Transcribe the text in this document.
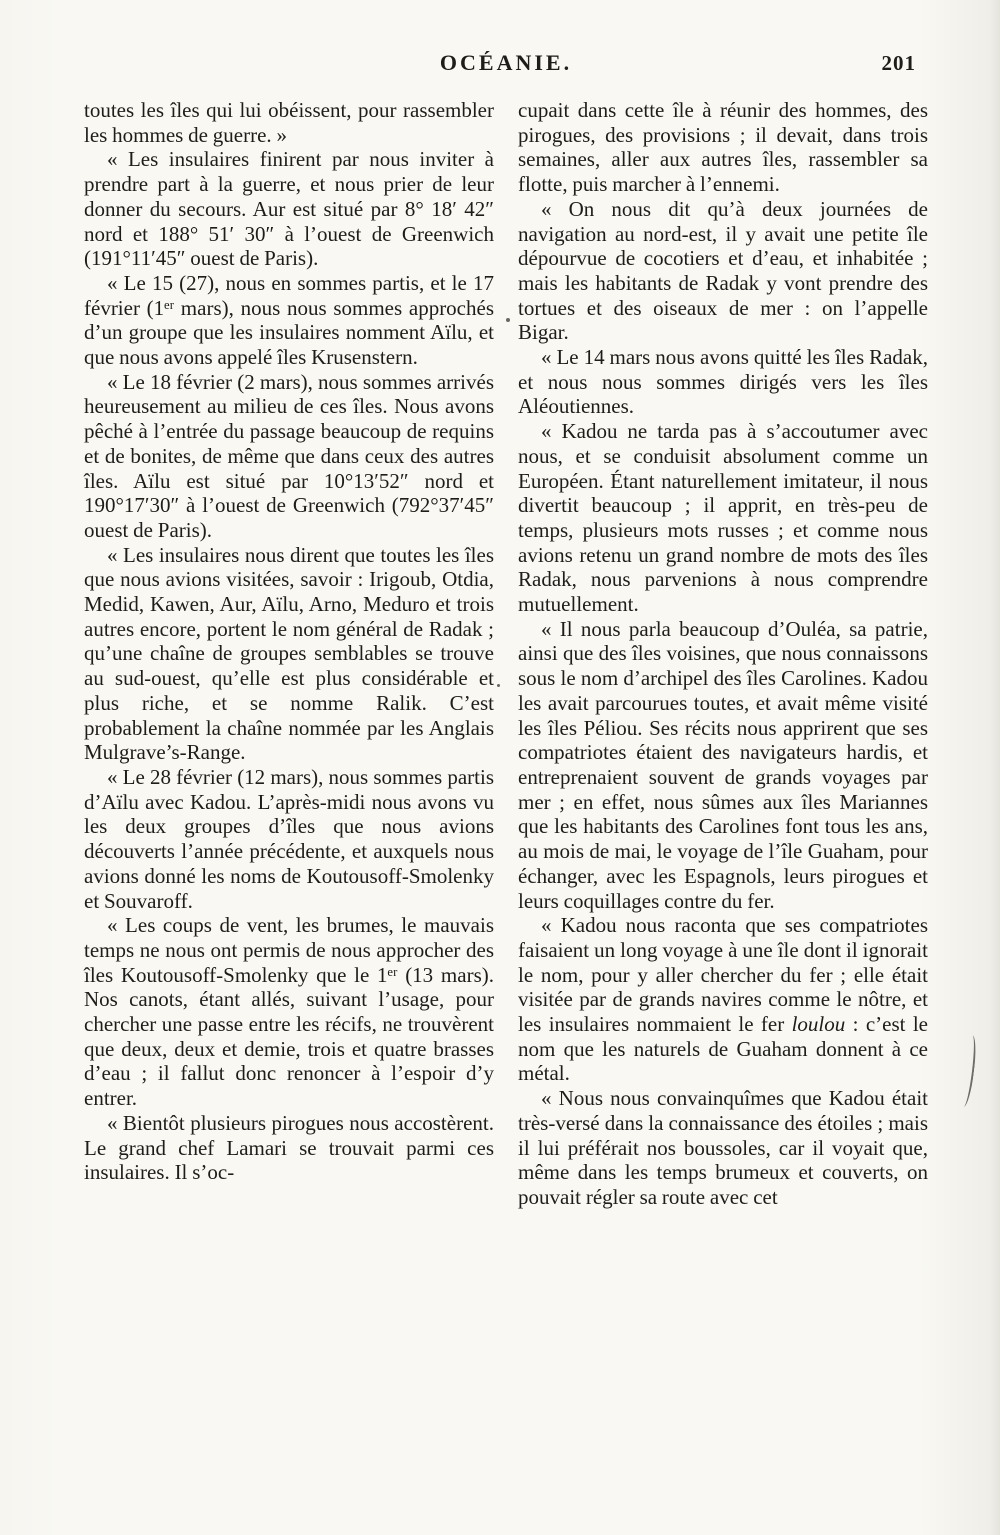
OCÉANIE.	201

toutes les îles qui lui obéissent, pour rassembler les hommes de guerre. »

« Les insulaires finirent par nous inviter à prendre part à la guerre, et nous prier de leur donner du secours. Aur est situé par 8° 18′ 42″ nord et 188° 51′ 30″ à l’ouest de Greenwich (191°11′45″ ouest de Paris).

« Le 15 (27), nous en sommes partis, et le 17 février (1ᵉʳ mars), nous nous sommes approchés d’un groupe que les insulaires nomment Aïlu, et que nous avons appelé îles Krusenstern.

« Le 18 février (2 mars), nous sommes arrivés heureusement au milieu de ces îles. Nous avons pêché à l’entrée du passage beaucoup de requins et de bonites, de même que dans ceux des autres îles. Aïlu est situé par 10°13′52″ nord et 190°17′30″ à l’ouest de Greenwich (792°37′45″ ouest de Paris).

« Les insulaires nous dirent que toutes les îles que nous avions visitées, savoir : Irigoub, Otdia, Medid, Kawen, Aur, Aïlu, Arno, Meduro et trois autres encore, portent le nom général de Radak ; qu’une chaîne de groupes semblables se trouve au sud-ouest, qu’elle est plus considérable et plus riche, et se nomme Ralik. C’est probablement la chaîne nommée par les Anglais Mulgrave’s-Range.

« Le 28 février (12 mars), nous sommes partis d’Aïlu avec Kadou. L’après-midi nous avons vu les deux groupes d’îles que nous avions découverts l’année précédente, et auxquels nous avions donné les noms de Koutousoff-Smolenky et Souvaroff.

« Les coups de vent, les brumes, le mauvais temps ne nous ont permis de nous approcher des îles Koutousoff-Smolenky que le 1ᵉʳ (13 mars). Nos canots, étant allés, suivant l’usage, pour chercher une passe entre les récifs, ne trouvèrent que deux, deux et demie, trois et quatre brasses d’eau ; il fallut donc renoncer à l’espoir d’y entrer.

« Bientôt plusieurs pirogues nous accostèrent. Le grand chef Lamari se trouvait parmi ces insulaires. Il s’oc-

cupait dans cette île à réunir des hommes, des pirogues, des provisions ; il devait, dans trois semaines, aller aux autres îles, rassembler sa flotte, puis marcher à l’ennemi.

« On nous dit qu’à deux journées de navigation au nord-est, il y avait une petite île dépourvue de cocotiers et d’eau, et inhabitée ; mais les habitants de Radak y vont prendre des tortues et des oiseaux de mer : on l’appelle Bigar.

« Le 14 mars nous avons quitté les îles Radak, et nous nous sommes dirigés vers les îles Aléoutiennes.

« Kadou ne tarda pas à s’accoutumer avec nous, et se conduisit absolument comme un Européen. Étant naturellement imitateur, il nous divertit beaucoup ; il apprit, en très-peu de temps, plusieurs mots russes ; et comme nous avions retenu un grand nombre de mots des îles Radak, nous parvenions à nous comprendre mutuellement.

« Il nous parla beaucoup d’Ouléa, sa patrie, ainsi que des îles voisines, que nous connaissons sous le nom d’archipel des îles Carolines. Kadou les avait parcourues toutes, et avait même visité les îles Péliou. Ses récits nous apprirent que ses compatriotes étaient des navigateurs hardis, et entreprenaient souvent de grands voyages par mer ; en effet, nous sûmes aux îles Mariannes que les habitants des Carolines font tous les ans, au mois de mai, le voyage de l’île Guaham, pour échanger, avec les Espagnols, leurs pirogues et leurs coquillages contre du fer.

« Kadou nous raconta que ses compatriotes faisaient un long voyage à une île dont il ignorait le nom, pour y aller chercher du fer ; elle était visitée par de grands navires comme le nôtre, et les insulaires nommaient le fer loulou : c’est le nom que les naturels de Guaham donnent à ce métal.

« Nous nous convainquîmes que Kadou était très-versé dans la connaissance des étoiles ; mais il lui préférait nos boussoles, car il voyait que, même dans les temps brumeux et couverts, on pouvait régler sa route avec cet
